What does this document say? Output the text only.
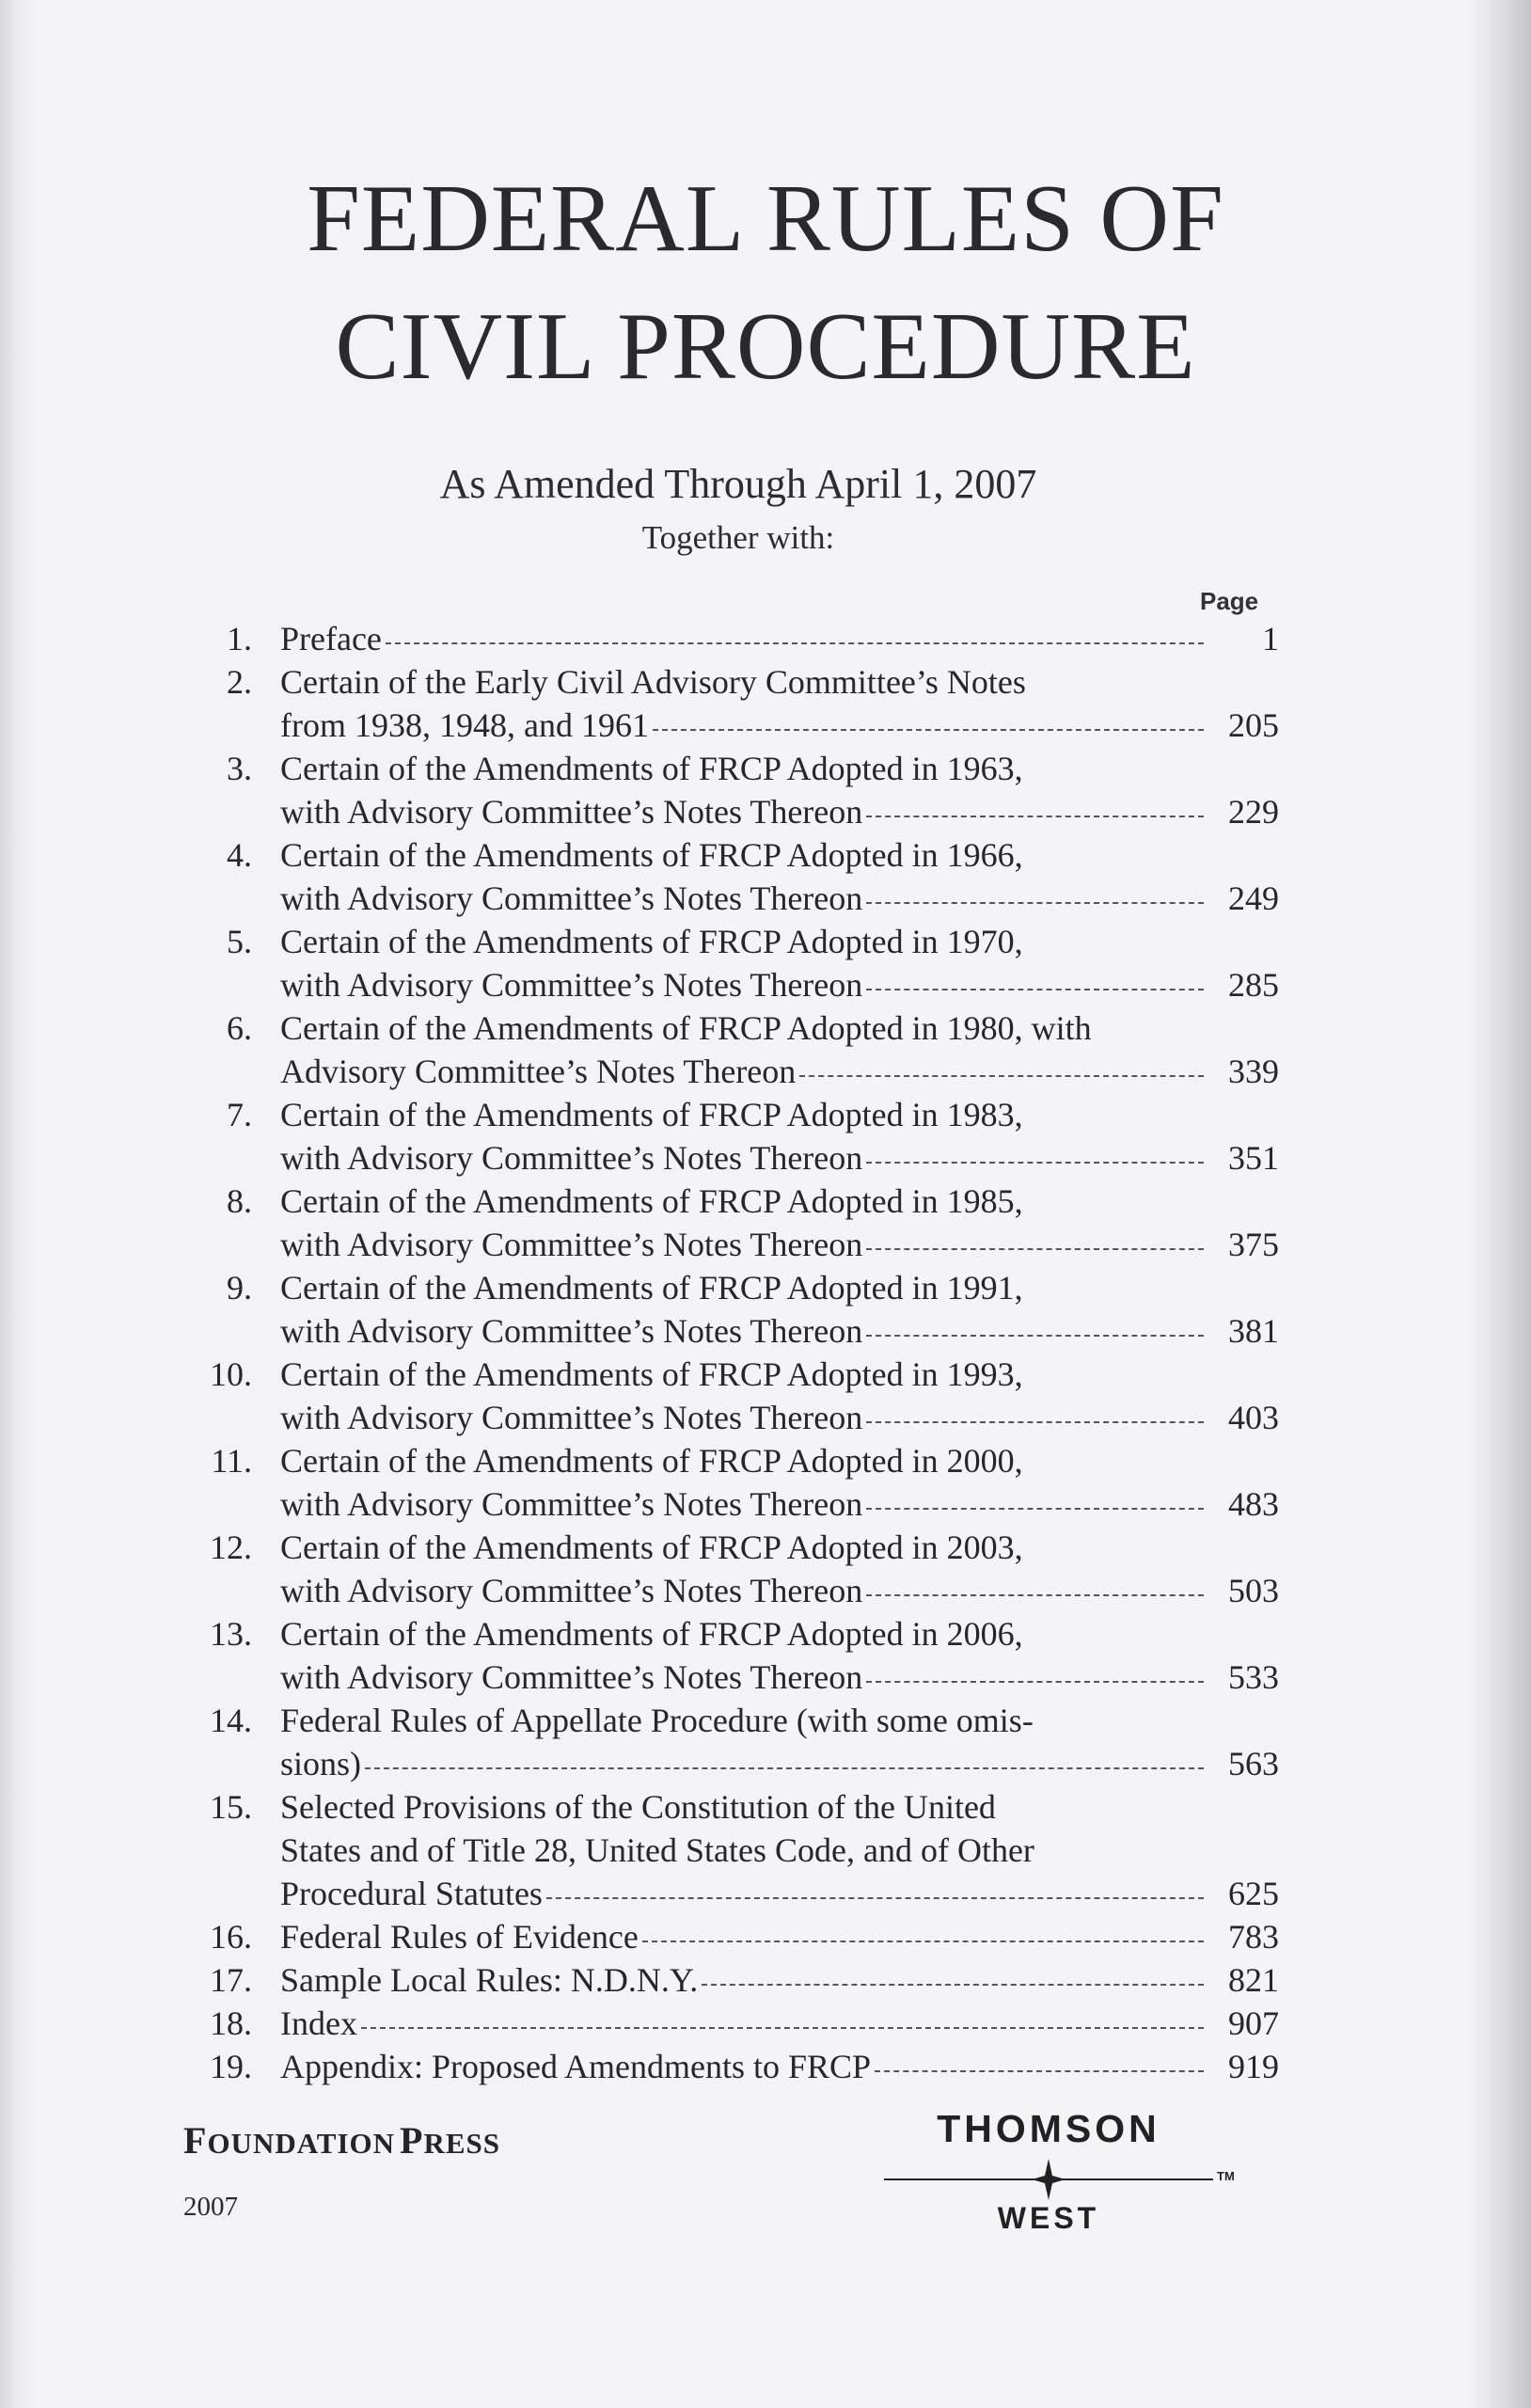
FEDERAL RULES OF
CIVIL PROCEDURE
As Amended Through April 1, 2007
Together with:
Page
1. Preface	1
2. Certain of the Early Civil Advisory Committee’s Notes
from 1938, 1948, and 1961	205
3. Certain of the Amendments of FRCP Adopted in 1963,
with Advisory Committee’s Notes Thereon	229
4. Certain of the Amendments of FRCP Adopted in 1966,
with Advisory Committee’s Notes Thereon	249
5. Certain of the Amendments of FRCP Adopted in 1970,
with Advisory Committee’s Notes Thereon	285
6. Certain of the Amendments of FRCP Adopted in 1980, with
Advisory Committee’s Notes Thereon	339
7. Certain of the Amendments of FRCP Adopted in 1983,
with Advisory Committee’s Notes Thereon	351
8. Certain of the Amendments of FRCP Adopted in 1985,
with Advisory Committee’s Notes Thereon	375
9. Certain of the Amendments of FRCP Adopted in 1991,
with Advisory Committee’s Notes Thereon	381
10. Certain of the Amendments of FRCP Adopted in 1993,
with Advisory Committee’s Notes Thereon	403
11. Certain of the Amendments of FRCP Adopted in 2000,
with Advisory Committee’s Notes Thereon	483
12. Certain of the Amendments of FRCP Adopted in 2003,
with Advisory Committee’s Notes Thereon	503
13. Certain of the Amendments of FRCP Adopted in 2006,
with Advisory Committee’s Notes Thereon	533
14. Federal Rules of Appellate Procedure (with some omis-
sions)	563
15. Selected Provisions of the Constitution of the United
States and of Title 28, United States Code, and of Other
Procedural Statutes	625
16. Federal Rules of Evidence	783
17. Sample Local Rules: N.D.N.Y.	821
18. Index	907
19. Appendix: Proposed Amendments to FRCP	919
FOUNDATION PRESS
2007
THOMSON
TM
WEST
